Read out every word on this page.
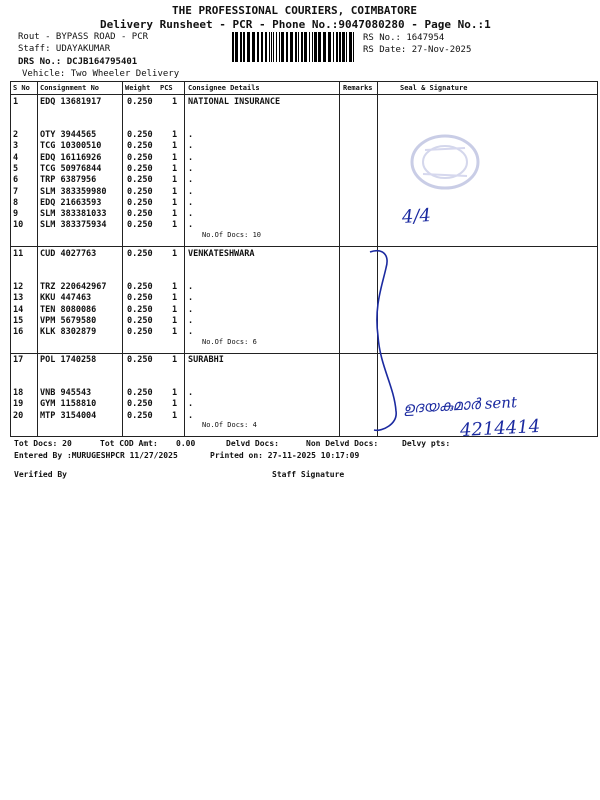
THE PROFESSIONAL COURIERS, COIMBATORE
Delivery Runsheet - PCR - Phone No.:9047080280 - Page No.:1
Rout - BYPASS ROAD - PCR
Staff: UDAYAKUMAR
DRS No.: DCJB164795401
Vehicle: Two Wheeler Delivery
RS No.: 1647954
RS Date: 27-Nov-2025
S No Consignment No	Weight PCS Consignee Details	Remarks	Seal & Signature
1	EDQ 13681917	0.250 1 NATIONAL INSURANCE
2	OTY 3944565	0.250 1 .
3	TCG 10300510	0.250 1 .
4	EDQ 16116926	0.250 1 .
5	TCG 50976844	0.250 1 .
6	TRP 6387956	0.250 1 .
7	SLM 383359980 0.250 1 .
8	EDQ 21663593	0.250 1 .
9	SLM 383381033 0.250 1 .
10 SLM 383375934 0.250 1 .
No.Of Docs: 10
11 CUD 4027763	0.250 1 VENKATESHWARA
12 TRZ 220642967 0.250 1 .
13 KKU 447463	0.250 1 .
14 TEN 8080086	0.250 1 .
15 VPM 5679580	0.250 1 .
16 KLK 8302879	0.250 1 .
No.Of Docs: 6
17 POL 1740258	0.250 1 SURABHI
18 VNB 945543	0.250 1 .
19 GYM 1158810	0.250 1 .
20 MTP 3154004	0.250 1 .
No.Of Docs: 4
4/4
ഉദയകുമാർ sent
4214414
Tot Docs: 20	Tot COD Amt: 0.00	Delvd Docs:	Non Delvd Docs:	Delvy pts:
Entered By :MURUGESHPCR 11/27/2025	Printed on: 27-11-2025 10:17:09
Verified By	Staff Signature
